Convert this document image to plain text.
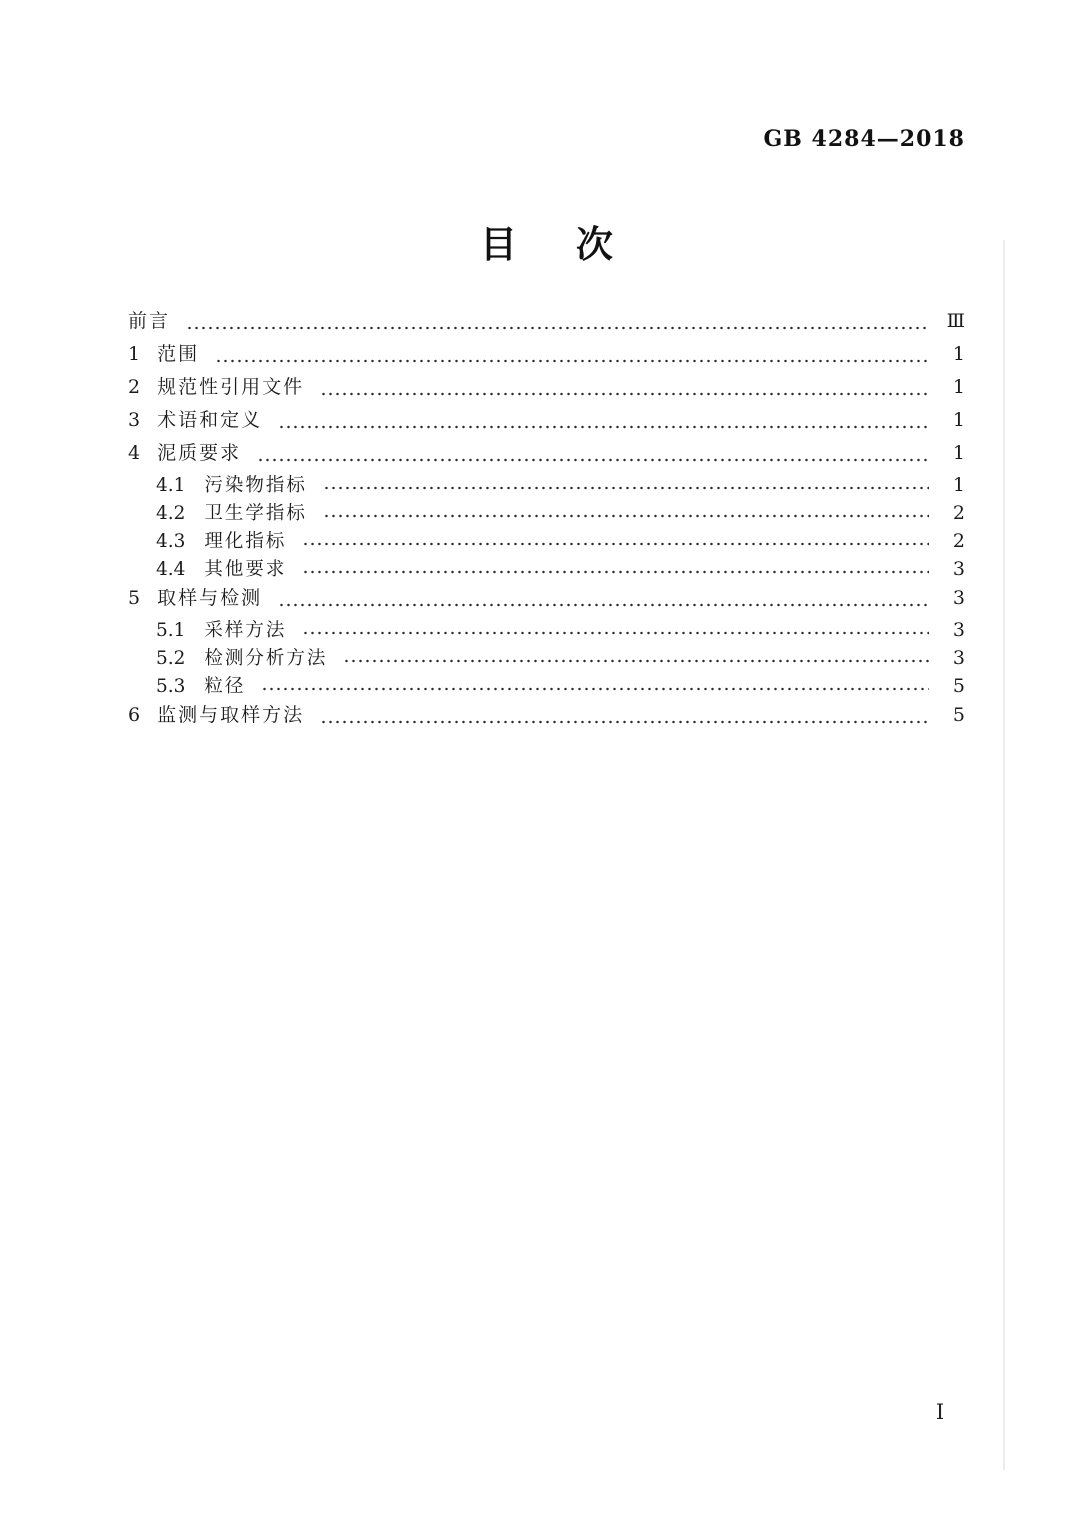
GB 4284—2018
目 次
前言	Ⅲ
1 范围	1
2 规范性引用文件	1
3 术语和定义	1
4 泥质要求	1
4.1 污染物指标	1
4.2 卫生学指标	2
4.3 理化指标	2
4.4 其他要求	3
5 取样与检测	3
5.1 采样方法	3
5.2 检测分析方法	3
5.3 粒径	5
6 监测与取样方法	5
Ⅰ
